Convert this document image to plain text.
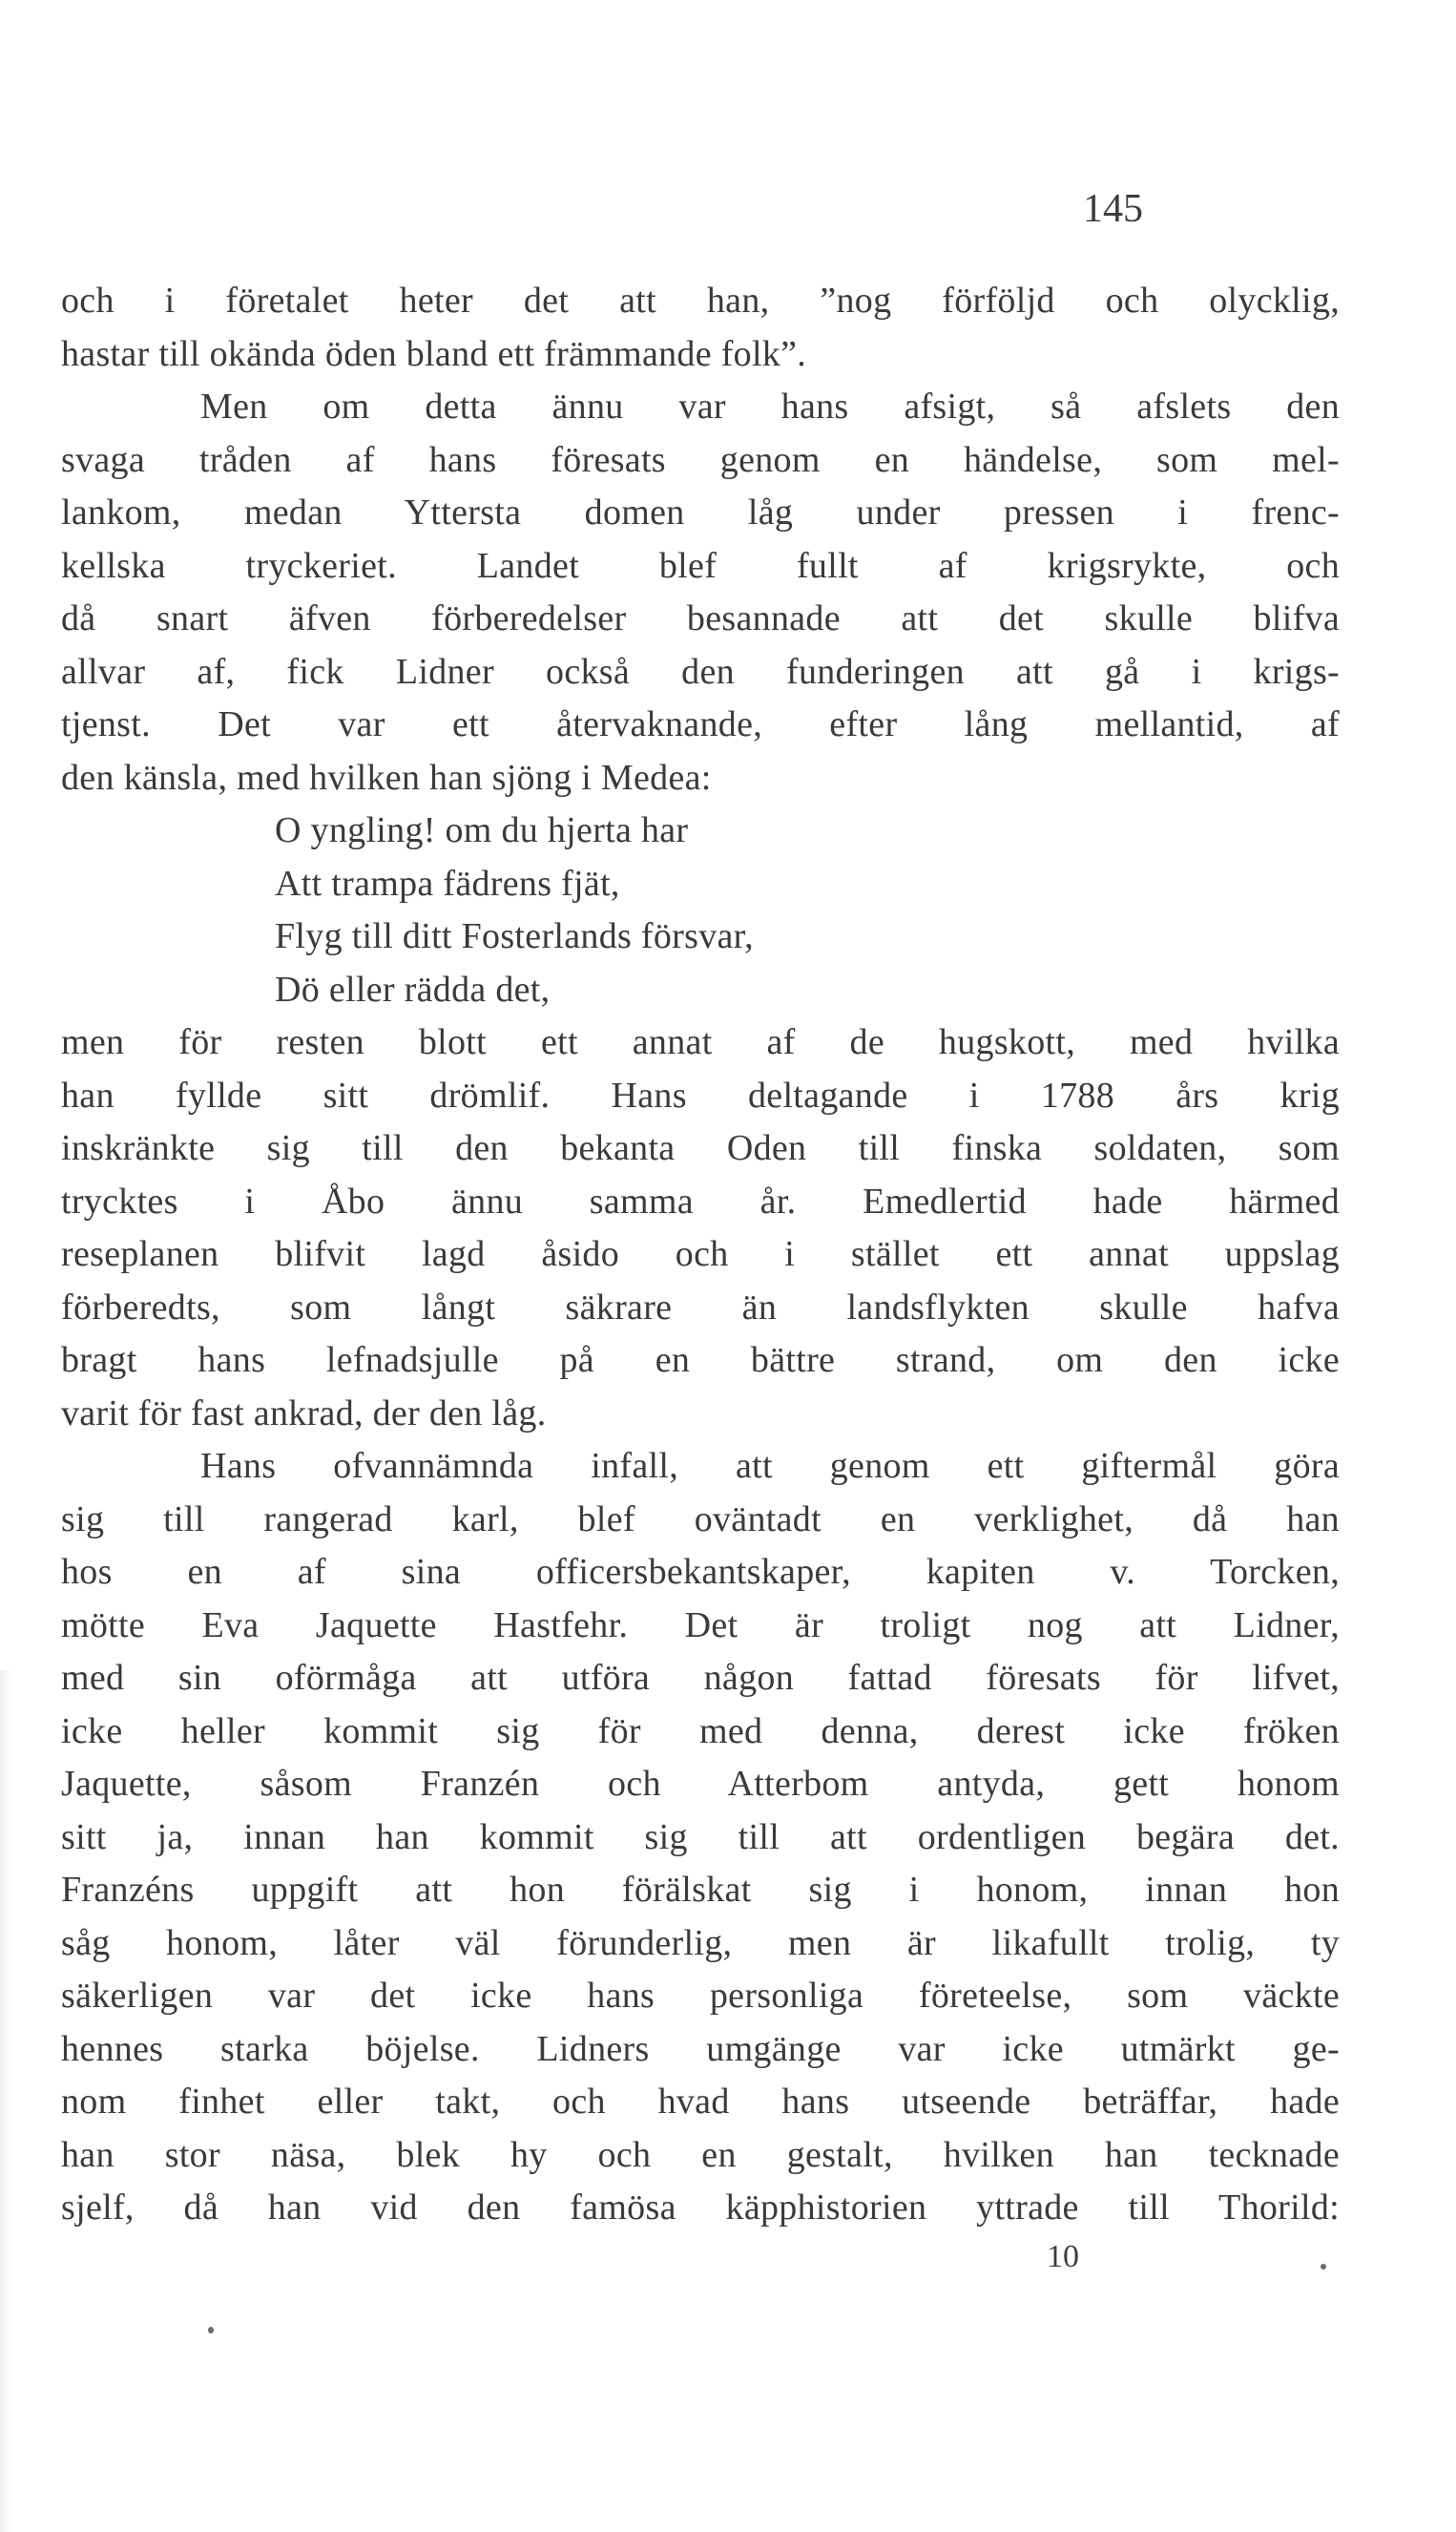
145
och i företalet heter det att han, ”nog förföljd och olycklig,
hastar till okända öden bland ett främmande folk”.
Men om detta ännu var hans afsigt, så afslets den
svaga tråden af hans föresats genom en händelse, som mel-
lankom, medan Yttersta domen låg under pressen i frenc-
kellska tryckeriet. Landet blef fullt af krigsrykte, och
då snart äfven förberedelser besannade att det skulle blifva
allvar af, fick Lidner också den funderingen att gå i krigs-
tjenst. Det var ett återvaknande, efter lång mellantid, af
den känsla, med hvilken han sjöng i Medea:
O yngling! om du hjerta har
Att trampa fädrens fjät,
Flyg till ditt Fosterlands försvar,
Dö eller rädda det,
men för resten blott ett annat af de hugskott, med hvilka
han fyllde sitt drömlif. Hans deltagande i 1788 års krig
inskränkte sig till den bekanta Oden till finska soldaten, som
trycktes i Åbo ännu samma år. Emedlertid hade härmed
reseplanen blifvit lagd åsido och i stället ett annat uppslag
förberedts, som långt säkrare än landsflykten skulle hafva
bragt hans lefnadsjulle på en bättre strand, om den icke
varit för fast ankrad, der den låg.
Hans ofvannämnda infall, att genom ett giftermål göra
sig till rangerad karl, blef oväntadt en verklighet, då han
hos en af sina officersbekantskaper, kapiten v. Torcken,
mötte Eva Jaquette Hastfehr. Det är troligt nog att Lidner,
med sin oförmåga att utföra någon fattad föresats för lifvet,
icke heller kommit sig för med denna, derest icke fröken
Jaquette, såsom Franzén och Atterbom antyda, gett honom
sitt ja, innan han kommit sig till att ordentligen begära det.
Franzéns uppgift att hon förälskat sig i honom, innan hon
såg honom, låter väl förunderlig, men är likafullt trolig, ty
säkerligen var det icke hans personliga företeelse, som väckte
hennes starka böjelse. Lidners umgänge var icke utmärkt ge-
nom finhet eller takt, och hvad hans utseende beträffar, hade
han stor näsa, blek hy och en gestalt, hvilken han tecknade
sjelf, då han vid den famösa käpphistorien yttrade till Thorild:
10
